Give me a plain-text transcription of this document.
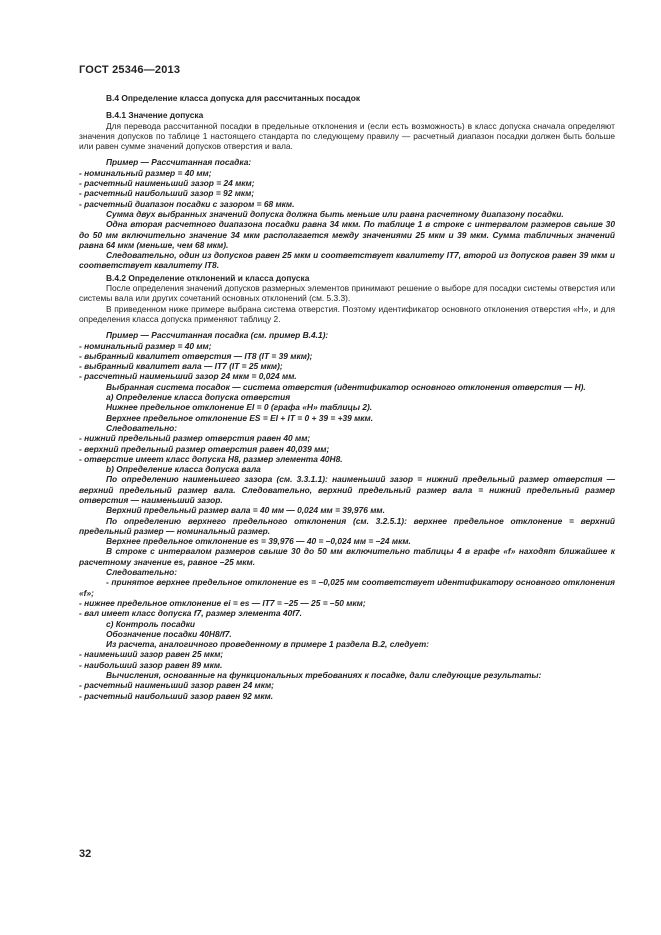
ГОСТ 25346—2013

B.4 Определение класса допуска для рассчитанных посадок

В.4.1 Значение допуска

Для перевода рассчитанной посадки в предельные отклонения и (если есть возможность) в класс допуска сначала определяют значения допусков по таблице 1 настоящего стандарта по следующему правилу — расчетный диапазон посадки должен быть больше или равен сумме значений допусков отверстия и вала.

Пример — Рассчитанная посадка:

- номинальный размер = 40 мм;

- расчетный наименьший зазор = 24 мкм;

- расчетный наибольший зазор = 92 мкм;

- расчетный диапазон посадки с зазором = 68 мкм.

Сумма двух выбранных значений допуска должна быть меньше или равна расчетному диапазону посадки.

Одна вторая расчетного диапазона посадки равна 34 мкм. По таблице 1 в строке с интервалом размеров свыше 30 до 50 мм включительно значение 34 мкм располагается между значениями 25 мкм и 39 мкм. Сумма табличных значений равна 64 мкм (меньше, чем 68 мкм).

Следовательно, один из допусков равен 25 мкм и соответствует квалитету IT7, второй из допусков равен 39 мкм и соответствует квалитету IT8.

В.4.2 Определение отклонений и класса допуска

После определения значений допусков размерных элементов принимают решение о выборе для посадки системы отверстия или системы вала или других сочетаний основных отклонений (см. 5.3.3).

В приведенном ниже примере выбрана система отверстия. Поэтому идентификатор основного отклонения отверстия «H», и для определения класса допуска применяют таблицу 2.

Пример — Рассчитанная посадка (см. пример В.4.1):

- номинальный размер = 40 мм;

- выбранный квалитет отверстия — IT8 (IT = 39 мкм);

- выбранный квалитет вала — IT7 (IT = 25 мкм);

- рассчетный наименьший зазор 24 мкм = 0,024 мм.

Выбранная система посадок — система отверстия (идентификатор основного отклонения отверстия — H).

а) Определение класса допуска отверстия

Нижнее предельное отклонение EI = 0 (графа «H» таблицы 2).

Верхнее предельное отклонение ES = EI + IT = 0 + 39 = +39 мкм.

Следовательно:

- нижний предельный размер отверстия равен 40 мм;

- верхний предельный размер отверстия равен 40,039 мм;

- отверстие имеет класс допуска H8, размер элемента 40H8.

b) Определение класса допуска вала

По определению наименьшего зазора (см. 3.3.1.1): наименьший зазор = нижний предельный размер отверстия — верхний предельный размер вала. Следовательно, верхний предельный размер вала = нижний предельный размер отверстия — наименьший зазор.

Верхний предельный размер вала = 40 мм — 0,024 мм = 39,976 мм.

По определению верхнего предельного отклонения (см. 3.2.5.1): верхнее предельное отклонение = верхний предельный размер — номинальный размер.

Верхнее предельное отклонение es = 39,976 — 40 = –0,024 мм = –24 мкм.

В строке с интервалом размеров свыше 30 до 50 мм включительно таблицы 4 в графе «f» находят ближайшее к расчетному значение es, равное –25 мкм.

Следовательно:

- принятое верхнее предельное отклонение es = –0,025 мм соответствует идентификатору основного отклонения «f»;

- нижнее предельное отклонение ei = es — IT7 = –25 — 25 = –50 мкм;

- вал имеет класс допуска f7, размер элемента 40f7.

с) Контроль посадки

Обозначение посадки 40H8/f7.

Из расчета, аналогичного проведенному в примере 1 раздела В.2, следует:

- наименьший зазор равен 25 мкм;

- наибольший зазор равен 89 мкм.

Вычисления, основанные на функциональных требованиях к посадке, дали следующие результаты:

- расчетный наименьший зазор равен 24 мкм;

- расчетный наибольший зазор равен 92 мкм.

32
